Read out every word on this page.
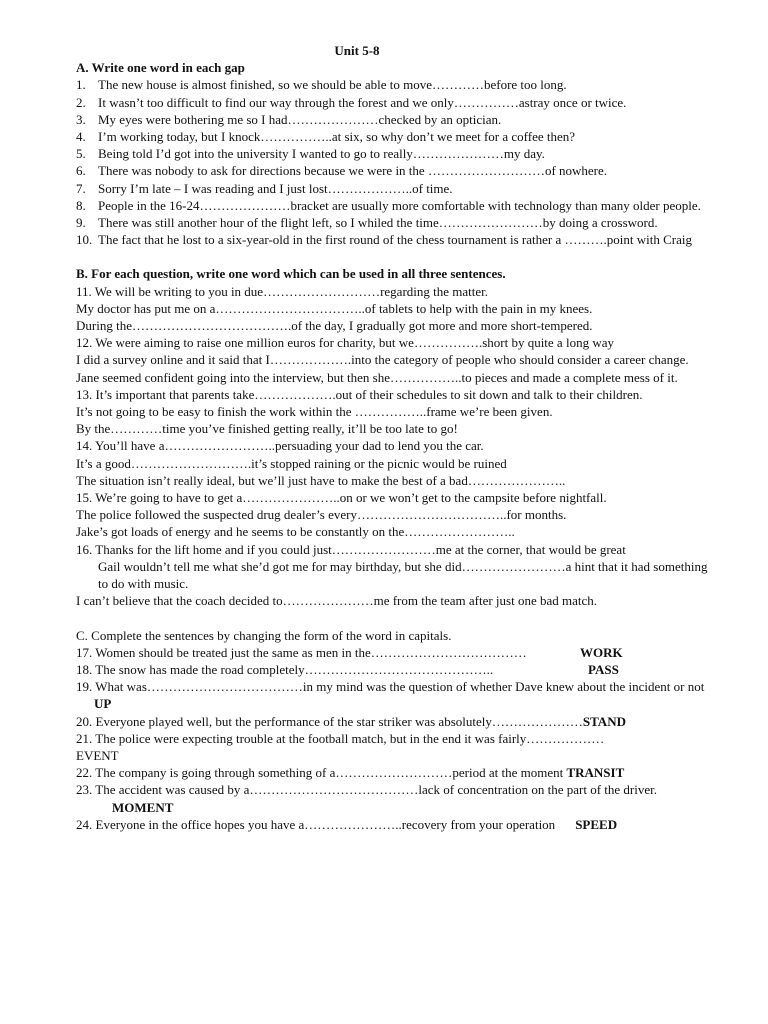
Unit 5-8
A. Write one word in each gap
1. The new house is almost finished, so we should be able to move…………before too long.
2. It wasn’t too difficult to find our way through the forest and we only……………astray once or twice.
3. My eyes were bothering me so I had…………………checked by an optician.
4. I’m working today, but I knock……………..at six, so why don’t we meet for a coffee then?
5. Being told I’d got into the university I wanted to go to really…………………my day.
6. There was nobody to ask for directions because we were in the ………………………of nowhere.
7. Sorry I’m late – I was reading and I just lost………………..of time.
8. People in the 16-24…………………bracket are usually more comfortable with technology than many older people.
9. There was still another hour of the flight left, so I whiled the time……………………by doing a crossword.
10. The fact that he lost to a six-year-old in the first round of the chess tournament is rather a ……….point with Craig
B. For each question, write one word which can be used in all three sentences.
11. We will be writing to you in due………………………regarding the matter.
My doctor has put me on a……………………………..of tablets to help with the pain in my knees.
During the……………………………….of the day, I gradually got more and more short-tempered.
12. We were aiming to raise one million euros for charity, but we…………….short by quite a long way
I did a survey online and it said that I……………….into the category of people who should consider a career change.
Jane seemed confident going into the interview, but then she……………..to pieces and made a complete mess of it.
13. It’s important that parents take……………….out of their schedules to sit down and talk to their children.
It’s not going to be easy to finish the work within the ……………..frame we’re been given.
By the…………time you’ve finished getting really, it’ll be too late to go!
14. You’ll have a……………………..persuading your dad to lend you the car.
It’s a good……………………….it’s stopped raining or the picnic would be ruined
The situation isn’t really ideal, but we’ll just have to make the best of a bad…………………..
15. We’re going to have to get a…………………..on or we won’t get to the campsite before nightfall.
The police followed the suspected drug dealer’s every……………………………..for months.
Jake’s got loads of energy and he seems to be constantly on the……………………..
16. Thanks for the lift home and if you could just……………………me at the corner, that would be great
Gail wouldn’t tell me what she’d got me for may birthday, but she did……………………a hint that it had something to do with music.
I can’t believe that the coach decided to…………………me from the team after just one bad match.
C. Complete the sentences by changing the form of the word in capitals.
17. Women should be treated just the same as men in the………………………………	WORK
18. The snow has made the road completely……………………………………..	PASS
19. What was………………………………in my mind was the question of whether Dave knew about the incident or not UP
20. Everyone played well, but the performance of the star striker was absolutely…………………STAND
21. The police were expecting trouble at the football match, but in the end it was fairly………………
EVENT
22. The company is going through something of a………………………period at the moment TRANSIT
23. The accident was caused by a…………………………………lack of concentration on the part of the driver. MOMENT
24. Everyone in the office hopes you have a…………………..recovery from your operation SPEED
